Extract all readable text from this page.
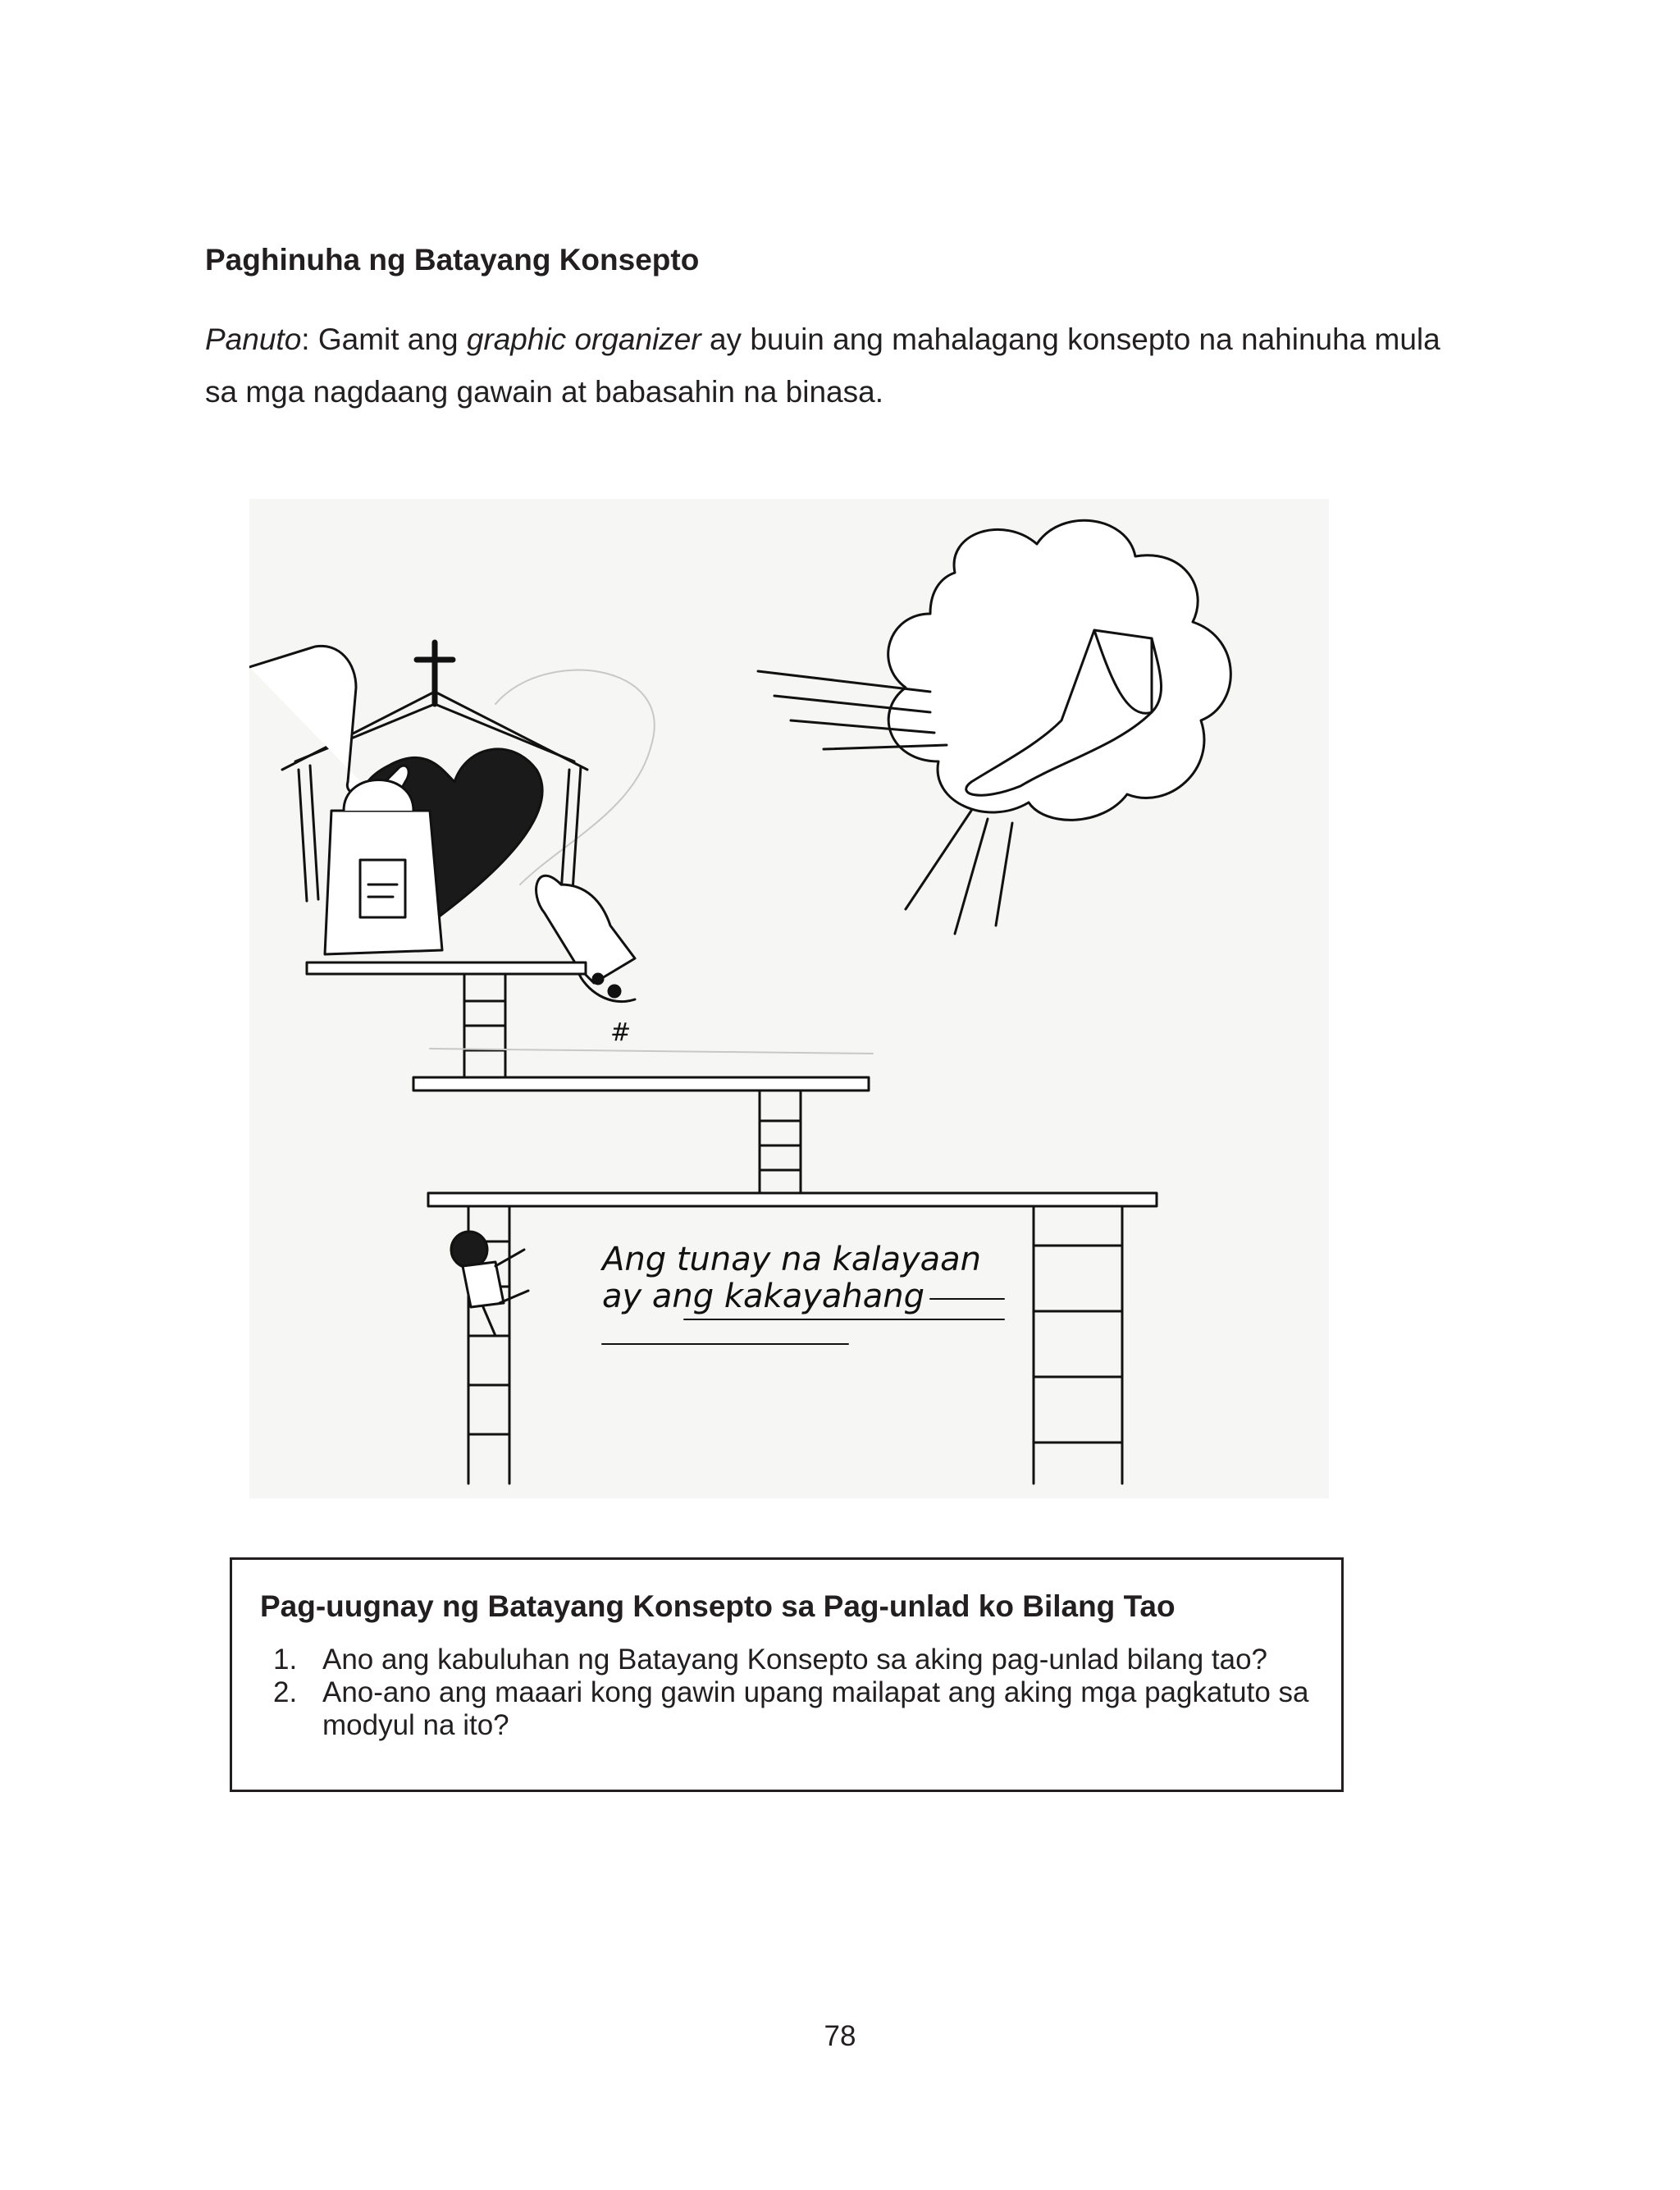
Paghinuha ng Batayang Konsepto

Panuto: Gamit ang graphic organizer ay buuin ang mahalagang konsepto na nahinuha mula sa mga nagdaang gawain at babasahin na binasa.

#
Ang tunay na kalayaan
ay ang kakayahang
Pag-uugnay ng Batayang Konsepto sa Pag-unlad ko Bilang Tao
1. Ano ang kabuluhan ng Batayang Konsepto sa aking pag-unlad bilang tao?
2. Ano-ano ang maaari kong gawin upang mailapat ang aking mga pagkatuto sa modyul na ito?

78
